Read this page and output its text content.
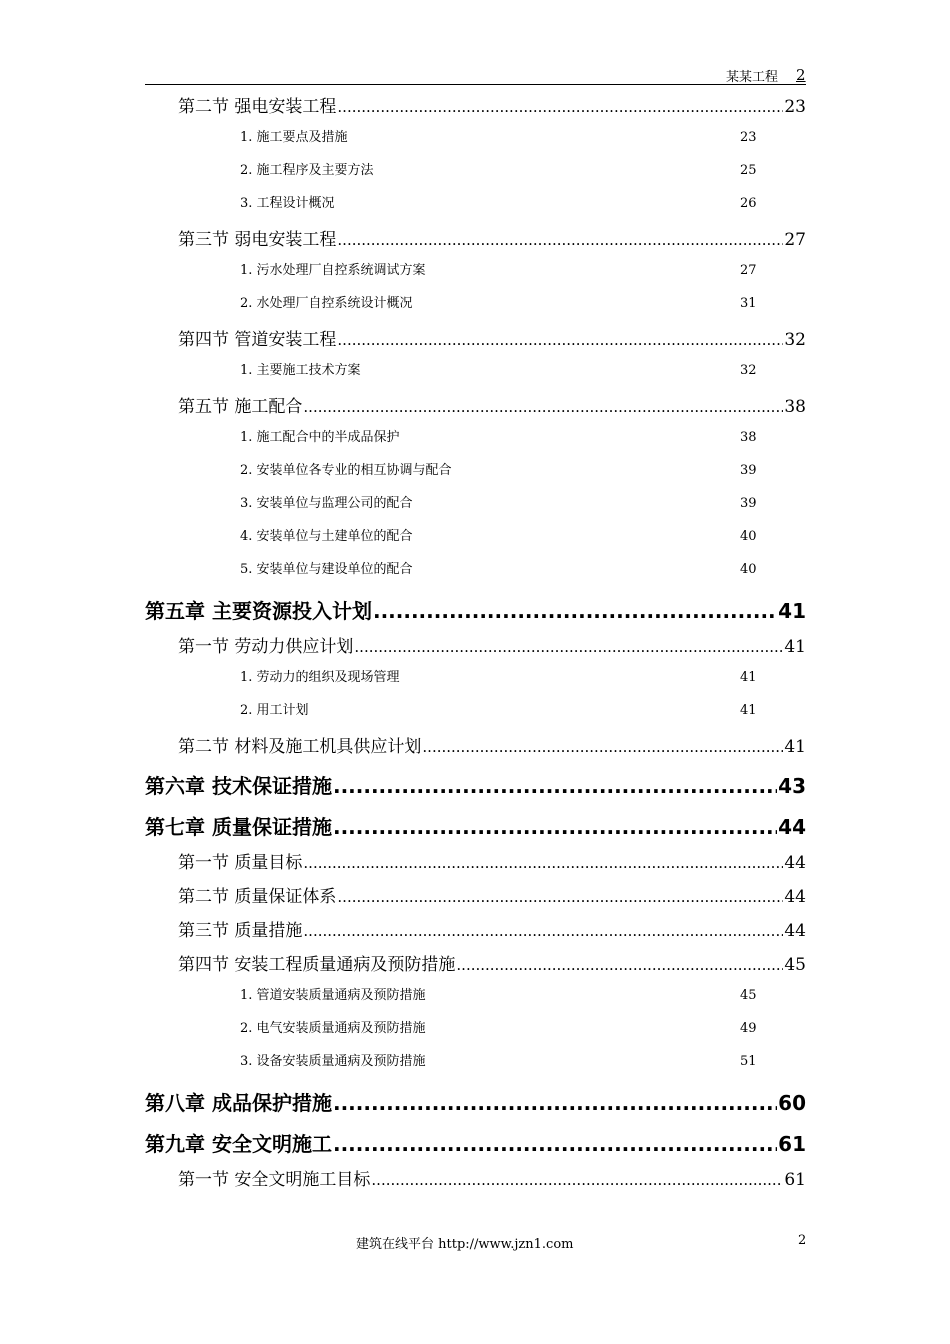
某某工程 2
第二节 强电安装工程 .....	23
1. 施工要点及措施	23
2. 施工程序及主要方法	25
3. 工程设计概况	26
第三节 弱电安装工程 .....	27
1. 污水处理厂自控系统调试方案	27
2. 水处理厂自控系统设计概况	31
第四节 管道安装工程 .....	32
1. 主要施工技术方案	32
第五节 施工配合 .....	38
1. 施工配合中的半成品保护	38
2. 安装单位各专业的相互协调与配合	39
3. 安装单位与监理公司的配合	39
4. 安装单位与土建单位的配合	40
5. 安装单位与建设单位的配合	40
第五章 主要资源投入计划 .....	41
第一节 劳动力供应计划 .....	41
1. 劳动力的组织及现场管理	41
2. 用工计划	41
第二节 材料及施工机具供应计划 .....	41
第六章 技术保证措施 .....	43
第七章 质量保证措施 .....	44
第一节 质量目标 .....	44
第二节 质量保证体系 .....	44
第三节 质量措施 .....	44
第四节 安装工程质量通病及预防措施 .....	45
1. 管道安装质量通病及预防措施	45
2. 电气安装质量通病及预防措施	49
3. 设备安装质量通病及预防措施	51
第八章 成品保护措施 .....	60
第九章 安全文明施工 .....	61
第一节 安全文明施工目标 .....	61
建筑在线平台 http://www.jzn1.com	2
